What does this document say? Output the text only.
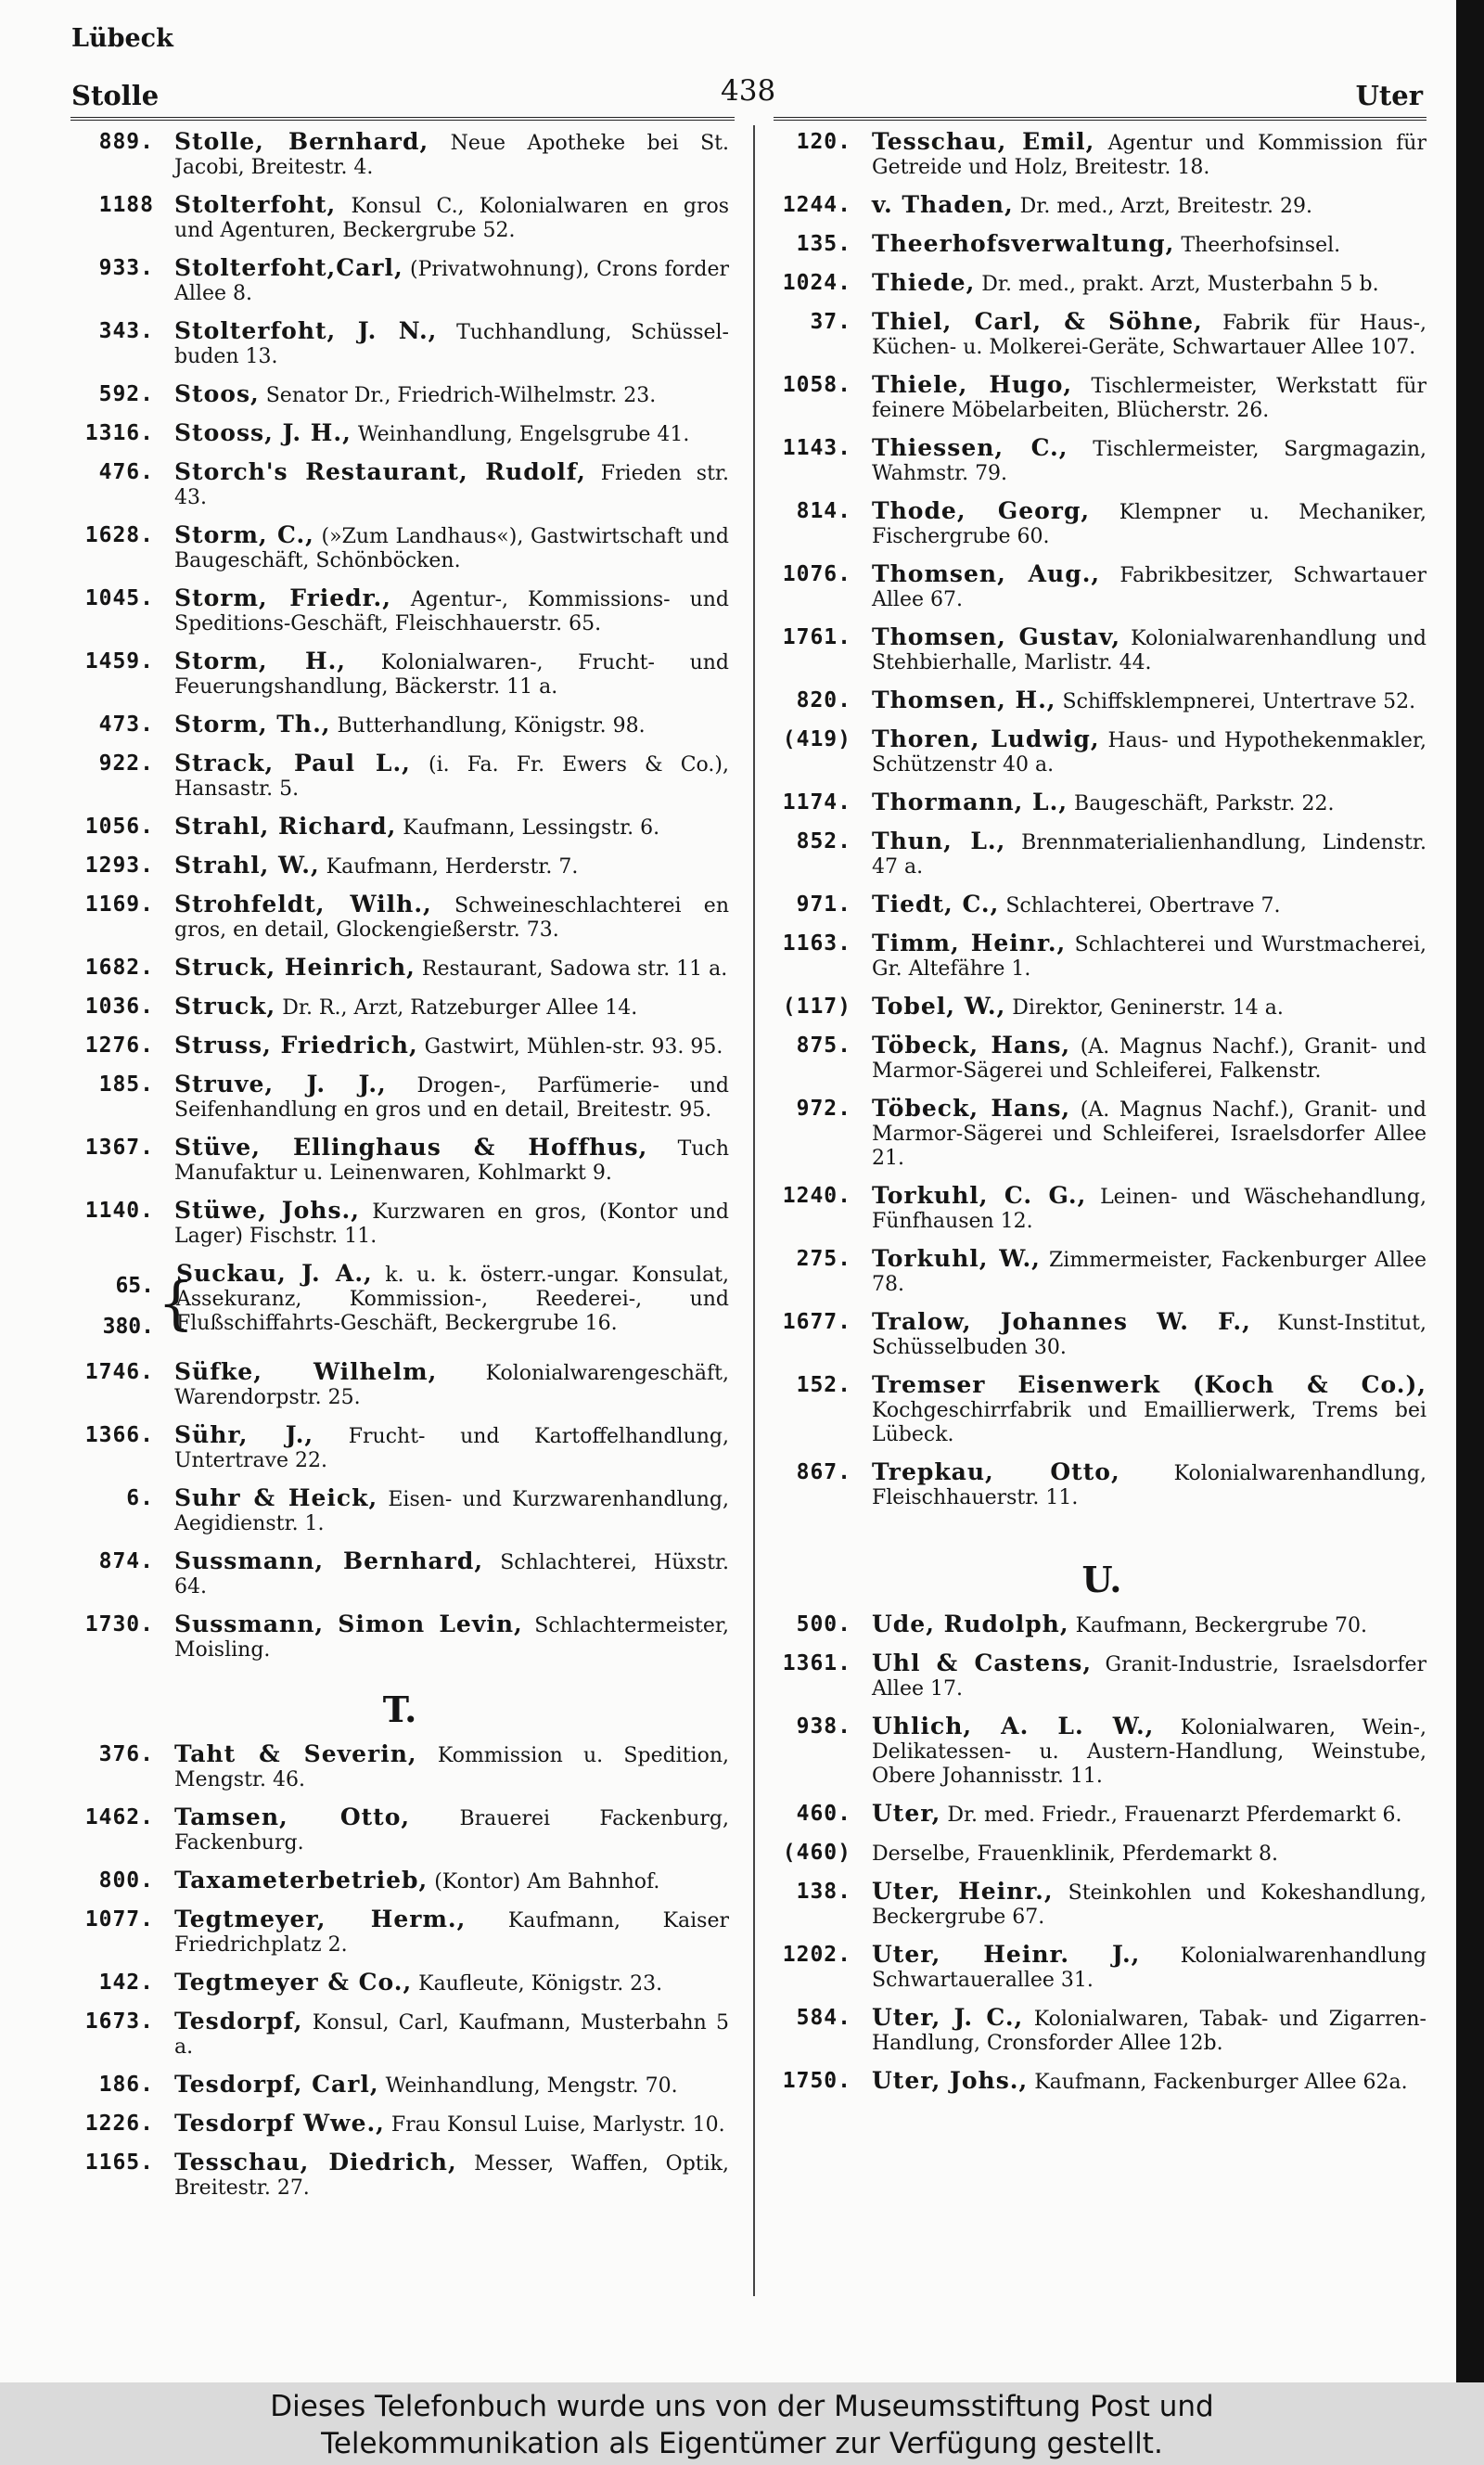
Lübeck
Stolle	438	Uter
889. Stolle, Bernhard, Neue Apotheke bei St. Jacobi, Breitestr. 4.
1188 Stolterfoht, Konsul C., Kolonialwaren en gros und Agenturen, Beckergrube 52.
933. Stolterfoht,Carl, (Privatwohnung), Crons forder Allee 8.
343. Stolterfoht, J. N., Tuchhandlung, Schüssel-buden 13.
592. Stoos, Senator Dr., Friedrich-Wilhelmstr. 23.
1316. Stooss, J. H., Weinhandlung, Engelsgrube 41.
476. Storch's Restaurant, Rudolf, Frieden str. 43.
1628. Storm, C., (»Zum Landhaus«), Gastwirtschaft und Baugeschäft, Schönböcken.
1045. Storm, Friedr., Agentur-, Kommissions- und Speditions-Geschäft, Fleischhauerstr. 65.
1459. Storm, H., Kolonialwaren-, Frucht- und Feuerungshandlung, Bäckerstr. 11 a.
473. Storm, Th., Butterhandlung, Königstr. 98.
922. Strack, Paul L., (i. Fa. Fr. Ewers & Co.), Hansastr. 5.
1056. Strahl, Richard, Kaufmann, Lessingstr. 6.
1293. Strahl, W., Kaufmann, Herderstr. 7.
1169. Strohfeldt, Wilh., Schweineschlachterei en gros, en detail, Glockengießerstr. 73.
1682. Struck, Heinrich, Restaurant, Sadowa str. 11 a.
1036. Struck, Dr. R., Arzt, Ratzeburger Allee 14.
1276. Struss, Friedrich, Gastwirt, Mühlen-str. 93. 95.
185. Struve, J. J., Drogen-, Parfümerie- und Seifenhandlung en gros und en detail, Breitestr. 95.
1367. Stüve, Ellinghaus & Hoffhus, Tuch Manufaktur u. Leinenwaren, Kohlmarkt 9.
1140. Stüwe, Johs., Kurzwaren en gros, (Kontor und Lager) Fischstr. 11.
65.
380. {
Suckau, J. A., k. u. k. österr.-ungar. Konsulat, Assekuranz, Kommission-, Reederei-, und Flußschiffahrts-Geschäft, Beckergrube 16.
1746. Süfke, Wilhelm, Kolonialwarengeschäft, Warendorpstr. 25.
1366. Sühr, J., Frucht- und Kartoffelhandlung, Untertrave 22.
6. Suhr & Heick, Eisen- und Kurzwarenhandlung, Aegidienstr. 1.
874. Sussmann, Bernhard, Schlachterei, Hüxstr. 64.
1730. Sussmann, Simon Levin, Schlachtermeister, Moisling.
T.
376. Taht & Severin, Kommission u. Spedition, Mengstr. 46.
1462. Tamsen, Otto, Brauerei Fackenburg, Fackenburg.
800. Taxameterbetrieb, (Kontor) Am Bahnhof.
1077. Tegtmeyer, Herm., Kaufmann, Kaiser Friedrichplatz 2.
142. Tegtmeyer & Co., Kaufleute, Königstr. 23.
1673. Tesdorpf, Konsul, Carl, Kaufmann, Musterbahn 5 a.
186. Tesdorpf, Carl, Weinhandlung, Mengstr. 70.
1226. Tesdorpf Wwe., Frau Konsul Luise, Marlystr. 10.
1165. Tesschau, Diedrich, Messer, Waffen, Optik, Breitestr. 27.
120. Tesschau, Emil, Agentur und Kommission für Getreide und Holz, Breitestr. 18.
1244. v. Thaden, Dr. med., Arzt, Breitestr. 29.
135. Theerhofsverwaltung, Theerhofsinsel.
1024. Thiede, Dr. med., prakt. Arzt, Musterbahn 5 b.
37. Thiel, Carl, & Söhne, Fabrik für Haus-, Küchen- u. Molkerei-Geräte, Schwartauer Allee 107.
1058. Thiele, Hugo, Tischlermeister, Werkstatt für feinere Möbelarbeiten, Blücherstr. 26.
1143. Thiessen, C., Tischlermeister, Sargmagazin, Wahmstr. 79.
814. Thode, Georg, Klempner u. Mechaniker, Fischergrube 60.
1076. Thomsen, Aug., Fabrikbesitzer, Schwartauer Allee 67.
1761. Thomsen, Gustav, Kolonialwarenhandlung und Stehbierhalle, Marlistr. 44.
820. Thomsen, H., Schiffsklempnerei, Untertrave 52.
(419) Thoren, Ludwig, Haus- und Hypothekenmakler, Schützenstr 40 a.
1174. Thormann, L., Baugeschäft, Parkstr. 22.
852. Thun, L., Brennmaterialienhandlung, Lindenstr. 47 a.
971. Tiedt, C., Schlachterei, Obertrave 7.
1163. Timm, Heinr., Schlachterei und Wurstmacherei, Gr. Altefähre 1.
(117) Tobel, W., Direktor, Geninerstr. 14 a.
875. Töbeck, Hans, (A. Magnus Nachf.), Granit- und Marmor-Sägerei und Schleiferei, Falkenstr.
972. Töbeck, Hans, (A. Magnus Nachf.), Granit- und Marmor-Sägerei und Schleiferei, Israelsdorfer Allee 21.
1240. Torkuhl, C. G., Leinen- und Wäschehandlung, Fünfhausen 12.
275. Torkuhl, W., Zimmermeister, Fackenburger Allee 78.
1677. Tralow, Johannes W. F., Kunst-Institut, Schüsselbuden 30.
152. Tremser Eisenwerk (Koch & Co.), Kochgeschirrfabrik und Emaillierwerk, Trems bei Lübeck.
867. Trepkau, Otto,	Kolonialwarenhandlung, Fleischhauerstr. 11.
U.
500. Ude, Rudolph, Kaufmann, Beckergrube 70.
1361. Uhl & Castens, Granit-Industrie, Israelsdorfer Allee 17.
938. Uhlich, A. L. W., Kolonialwaren, Wein-, Delikatessen- u. Austern-Handlung, Weinstube, Obere Johannisstr. 11.
460. Uter, Dr. med. Friedr., Frauenarzt Pferdemarkt 6.
(460)	Derselbe, Frauenklinik, Pferdemarkt 8.
138. Uter, Heinr., Steinkohlen und Kokeshandlung, Beckergrube 67.
1202. Uter, Heinr. J., Kolonialwarenhandlung Schwartauerallee 31.
584. Uter, J. C., Kolonialwaren, Tabak- und Zigarren-Handlung, Cronsforder Allee 12b.
1750. Uter, Johs., Kaufmann, Fackenburger Allee 62a.
Dieses Telefonbuch wurde uns von der Museumsstiftung Post und
Telekommunikation als Eigentümer zur Verfügung gestellt.
